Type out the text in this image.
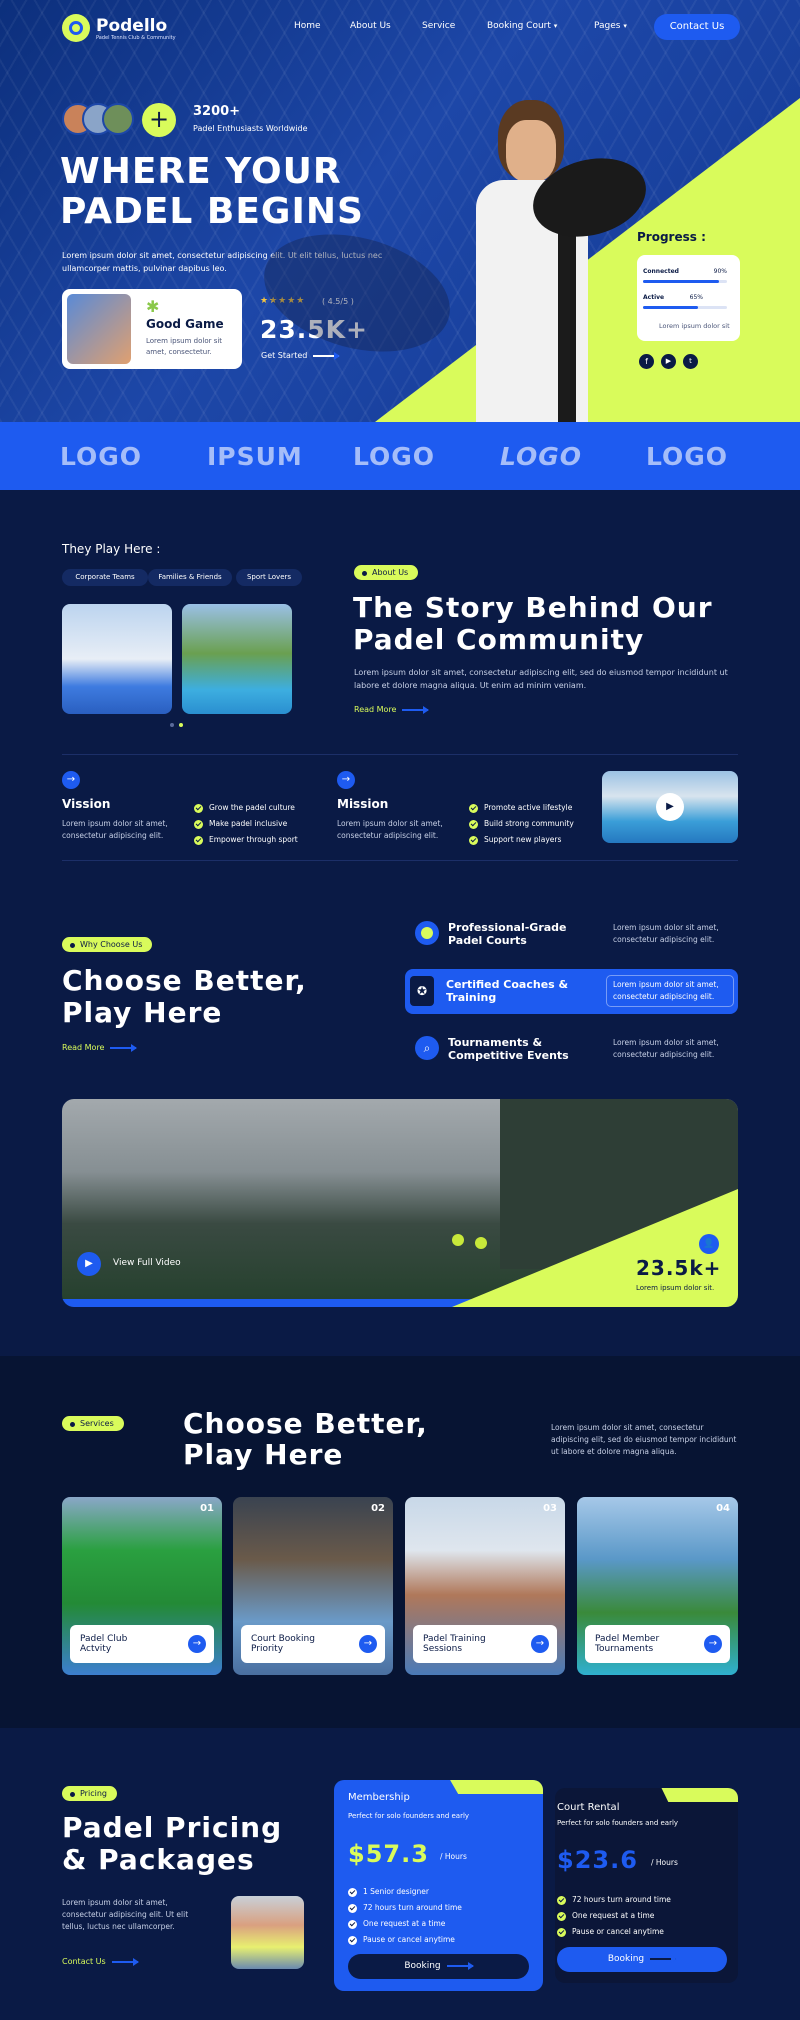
Podello
Padel Tennis Club & Community
Home	About Us	Service	Booking Court ▾	Pages ▾	Contact Us
+	3200+
Padel Enthusiasts Worldwide
WHERE YOUR
PADEL BEGINS
Lorem ipsum dolor sit amet, consectetur adipiscing elit. Ut elit tellus, luctus nec ullamcorper mattis, pulvinar dapibus leo.
✱
Good Game
Lorem ipsum dolor sit amet, consectetur.
★★★★★ ( 4.5/5 )
23.5K+
Get Started
Progress :
Connected	90%
Active	65%
Lorem ipsum dolor sit
f	▶	t
LOGO	IPSUM LOGO	LOGO	LOGO
They Play Here :
Corporate Teams	Families & Friends	Sport Lovers	About Us
The Story Behind Our
Padel Community
Lorem ipsum dolor sit amet, consectetur adipiscing elit, sed do eiusmod tempor incididunt ut labore et dolore magna aliqua. Ut enim ad minim veniam.
Read More
→
Vission
Lorem ipsum dolor sit amet, consectetur adipiscing elit.
Grow the padel culture
Make padel inclusive
Empower through sport
→
Mission
Lorem ipsum dolor sit amet, consectetur adipiscing elit.
Promote active lifestyle
Build strong community
Support new players
▶
Why Choose Us
Choose Better,
Play Here
Read More
Professional-Grade Padel Courts
Lorem ipsum dolor sit amet, consectetur adipiscing elit.
✪	Certified Coaches & Training
Lorem ipsum dolor sit amet, consectetur adipiscing elit.
⌕	Tournaments & Competitive Events
Lorem ipsum dolor sit amet, consectetur adipiscing elit.
▶	View Full Video
👤
23.5k+
Lorem ipsum dolor sit.
Services	Choose Better,
Play Here
Lorem ipsum dolor sit amet, consectetur adipiscing elit, sed do eiusmod tempor incididunt ut labore et dolore magna aliqua.
01
Padel Club
Actvity	→
02
Court Booking
Priority	→
03
Padel Training
Sessions	→
04
Padel Member
Tournaments	→
Pricing
Padel Pricing
& Packages
Lorem ipsum dolor sit amet, consectetur adipiscing elit. Ut elit tellus, luctus nec ullamcorper.
Contact Us
Membership
Perfect for solo founders and early
$57.3 / Hours
1 Senior designer
72 hours turn around time
One request at a time
Pause or cancel anytime
Booking
Court Rental
Perfect for solo founders and early
$23.6 / Hours
72 hours turn around time
One request at a time
Pause or cancel anytime
Booking
